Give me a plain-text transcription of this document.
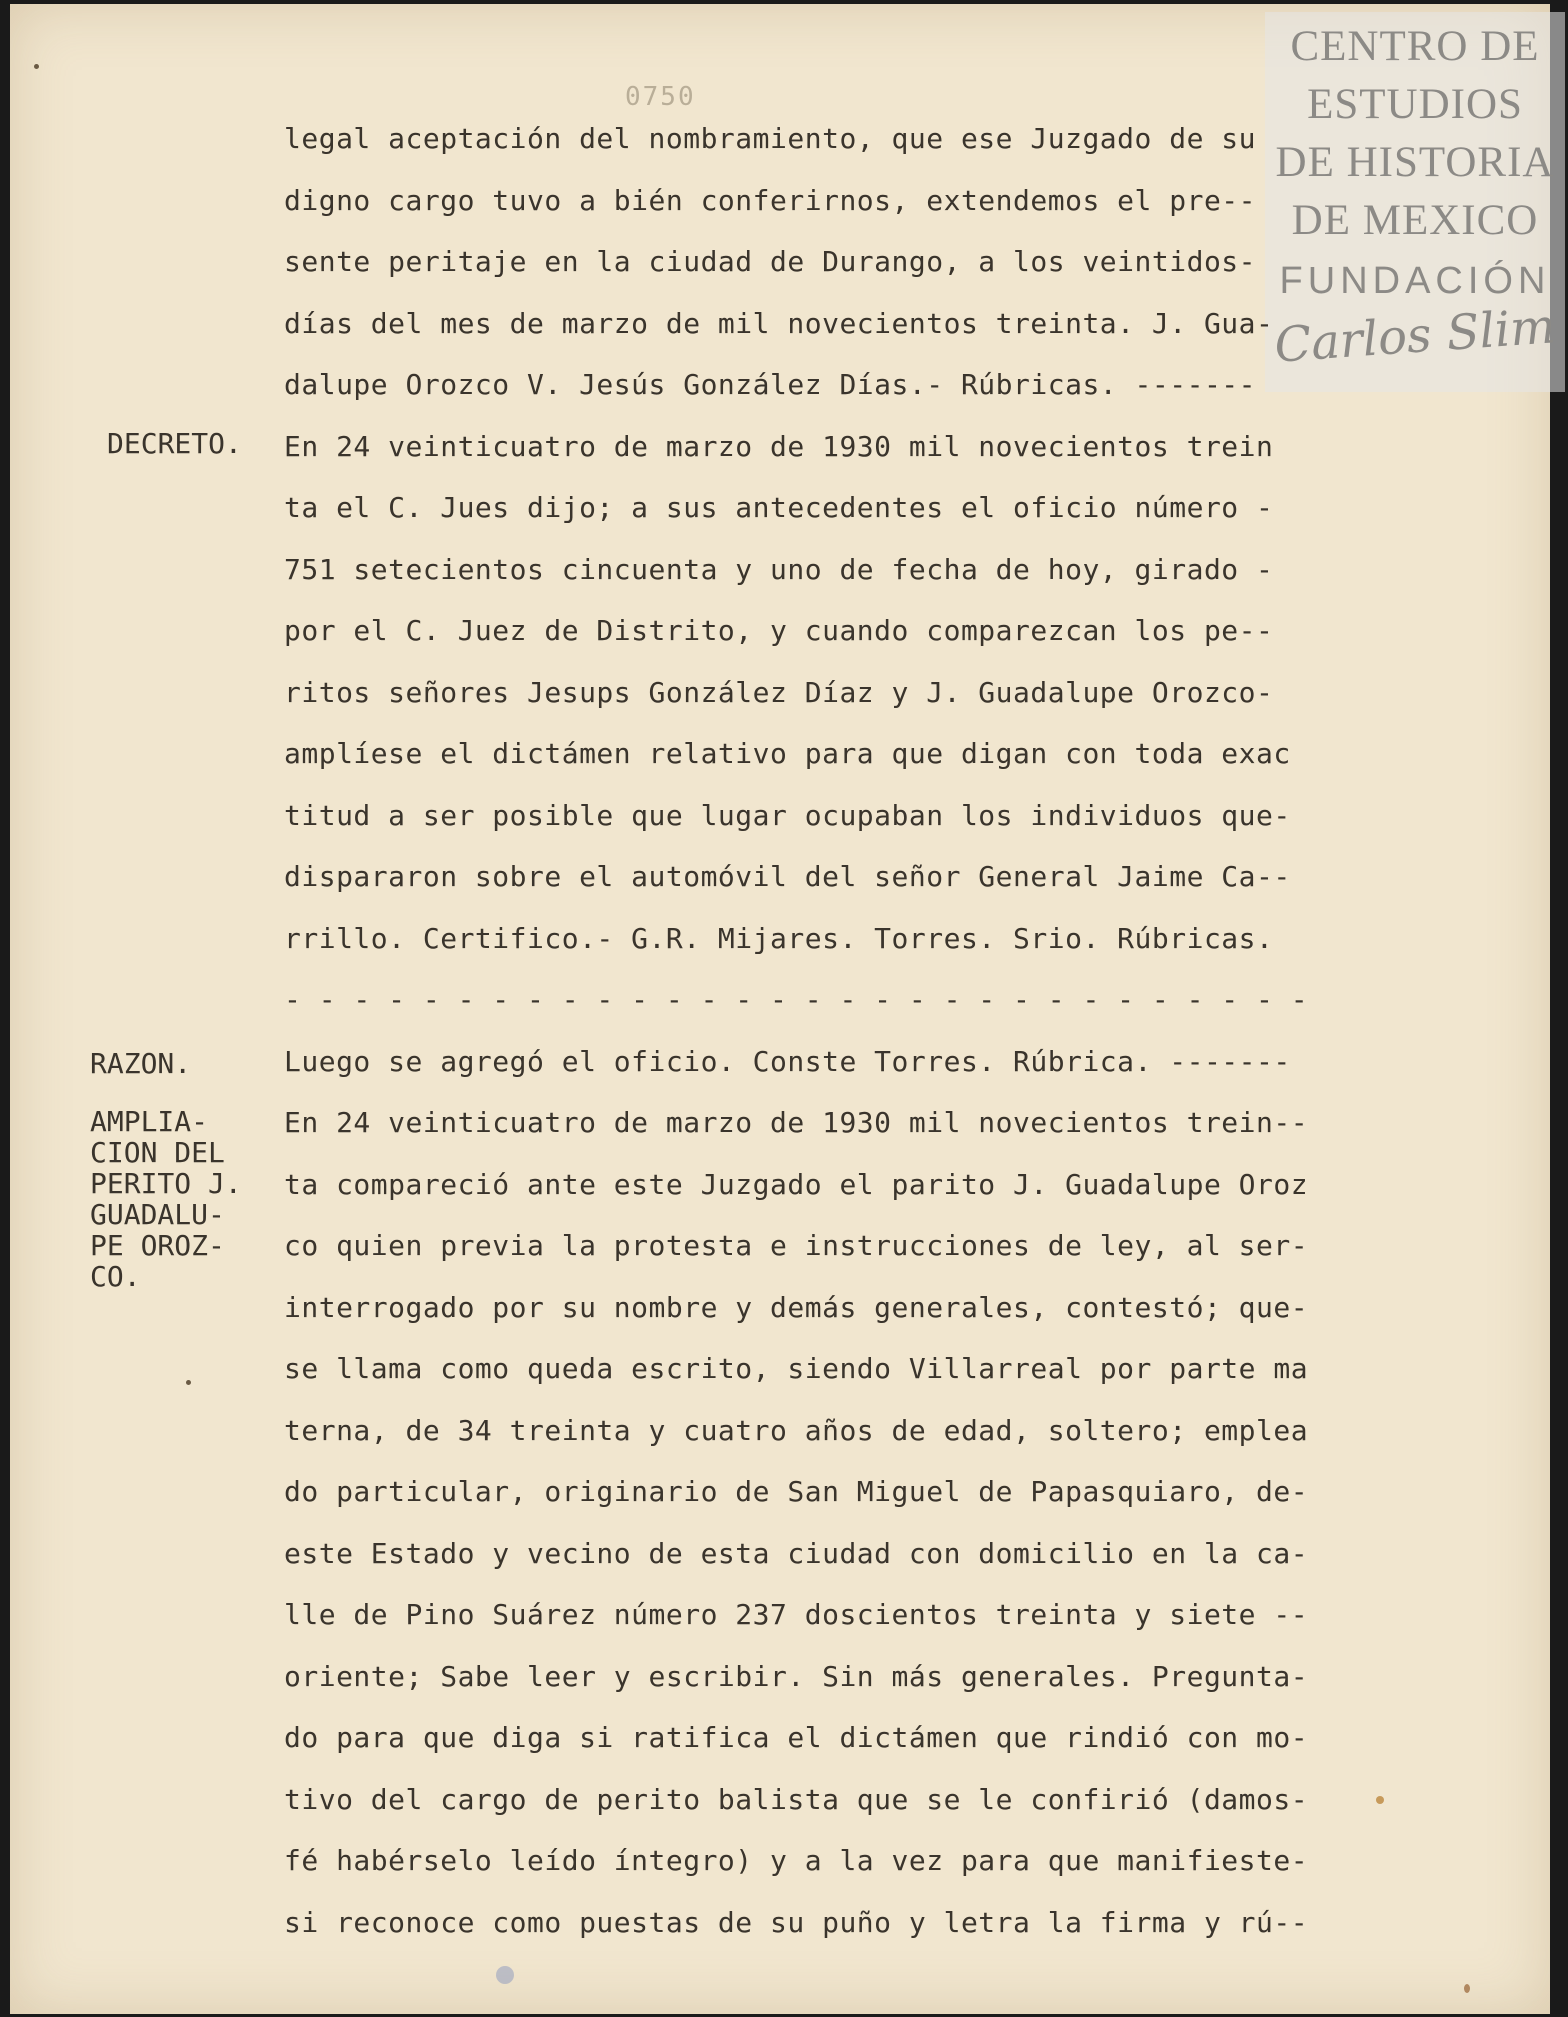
CENTRO DE
ESTUDIOS
DE HISTORIA
DE MEXICO
FUNDACIÓN
Carlos Slim
0750
legal aceptación del nombramiento, que ese Juzgado de su
digno cargo tuvo a bién conferirnos, extendemos el pre--
sente peritaje en la ciudad de Durango, a los veintidos-
días del mes de marzo de mil novecientos treinta. J. Gua-
dalupe Orozco V. Jesús González Días.- Rúbricas. -------
En 24 veinticuatro de marzo de 1930 mil novecientos trein
ta el C. Jues dijo; a sus antecedentes el oficio número -
751 setecientos cincuenta y uno de fecha de hoy, girado -
por el C. Juez de Distrito, y cuando comparezcan los pe--
ritos señores Jesups González Díaz y J. Guadalupe Orozco-
amplíese el dictámen relativo para que digan con toda exac
titud a ser posible que lugar ocupaban los individuos que-
dispararon sobre el automóvil del señor General Jaime Ca--
rrillo. Certifico.- G.R. Mijares. Torres. Srio. Rúbricas.
- - - - - - - - - - - - - - - - - - - - - - - - - - - - - -
Luego se agregó el oficio. Conste Torres. Rúbrica. -------
En 24 veinticuatro de marzo de 1930 mil novecientos trein--
ta compareció ante este Juzgado el parito J. Guadalupe Oroz
co quien previa la protesta e instrucciones de ley, al ser-
interrogado por su nombre y demás generales, contestó; que-
se llama como queda escrito, siendo Villarreal por parte ma
terna, de 34 treinta y cuatro años de edad, soltero; emplea
do particular, originario de San Miguel de Papasquiaro, de-
este Estado y vecino de esta ciudad con domicilio en la ca-
lle de Pino Suárez número 237 doscientos treinta y siete --
oriente; Sabe leer y escribir. Sin más generales. Pregunta-
do para que diga si ratifica el dictámen que rindió con mo-
tivo del cargo de perito balista que se le confirió (damos-
fé habérselo leído íntegro) y a la vez para que manifieste-
si reconoce como puestas de su puño y letra la firma y rú--
DECRETO.
RAZON.
AMPLIA-
CION DEL
PERITO J.
GUADALU-
PE OROZ-
CO.
